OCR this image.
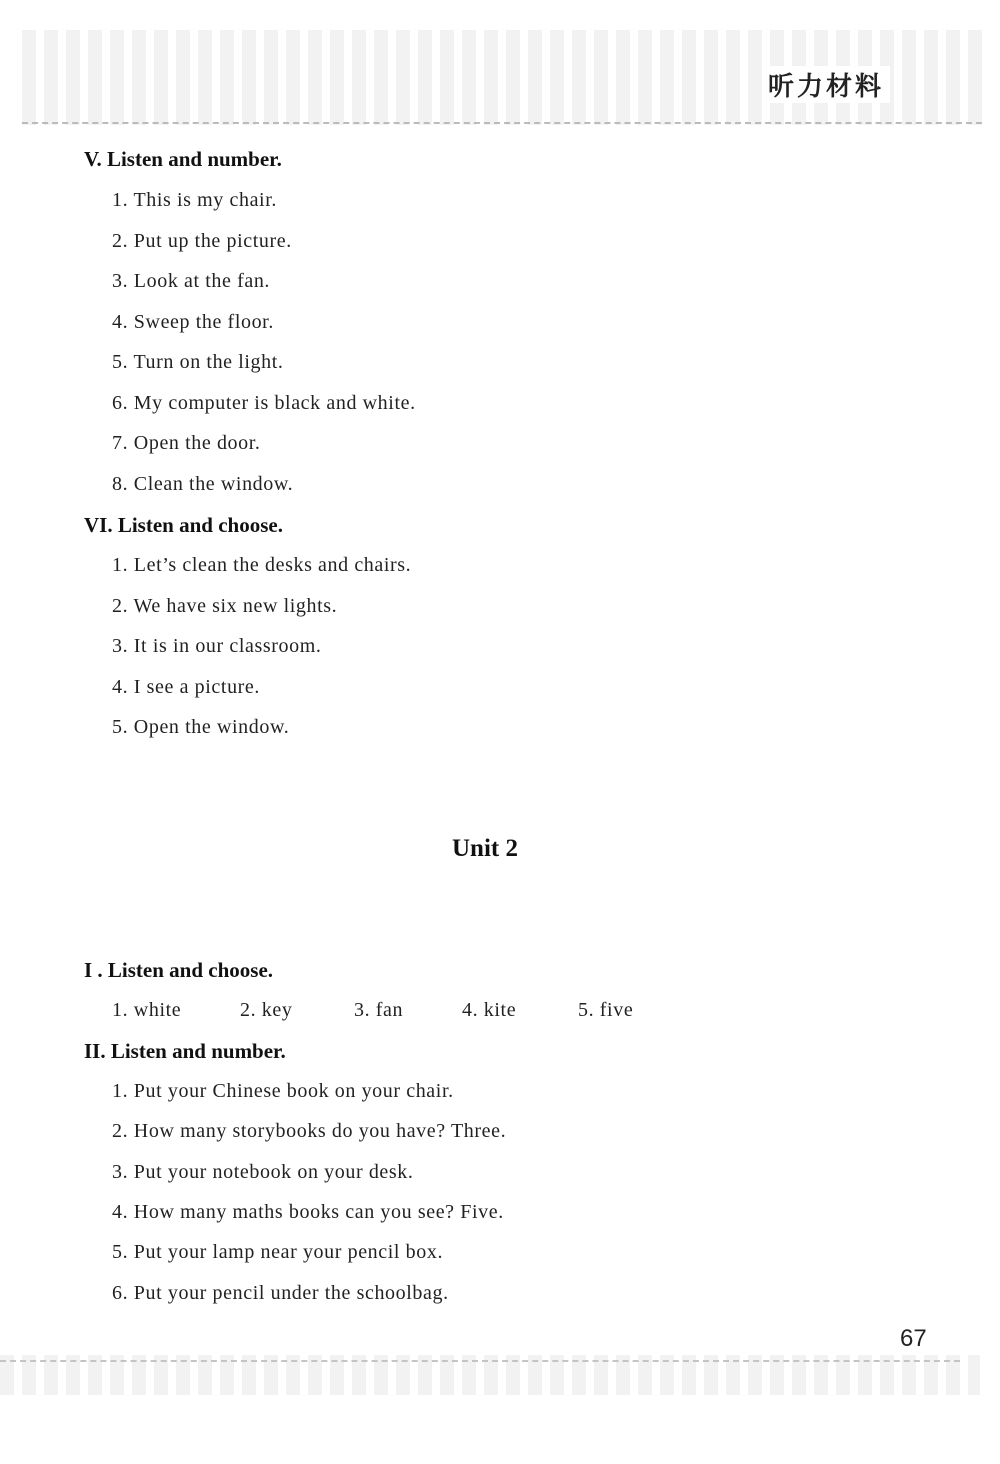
听力材料
V. Listen and number.
1. This is my chair.
2. Put up the picture.
3. Look at the fan.
4. Sweep the floor.
5. Turn on the light.
6. My computer is black and white.
7. Open the door.
8. Clean the window.
VI. Listen and choose.
1. Let’s clean the desks and chairs.
2. We have six new lights.
3. It is in our classroom.
4. I see a picture.
5. Open the window.
Unit 2
I . Listen and choose.
1. white	2. key	3. fan	4. kite	5. five
II. Listen and number.
1. Put your Chinese book on your chair.
2. How many storybooks do you have? Three.
3. Put your notebook on your desk.
4. How many maths books can you see? Five.
5. Put your lamp near your pencil box.
6. Put your pencil under the schoolbag.
67
